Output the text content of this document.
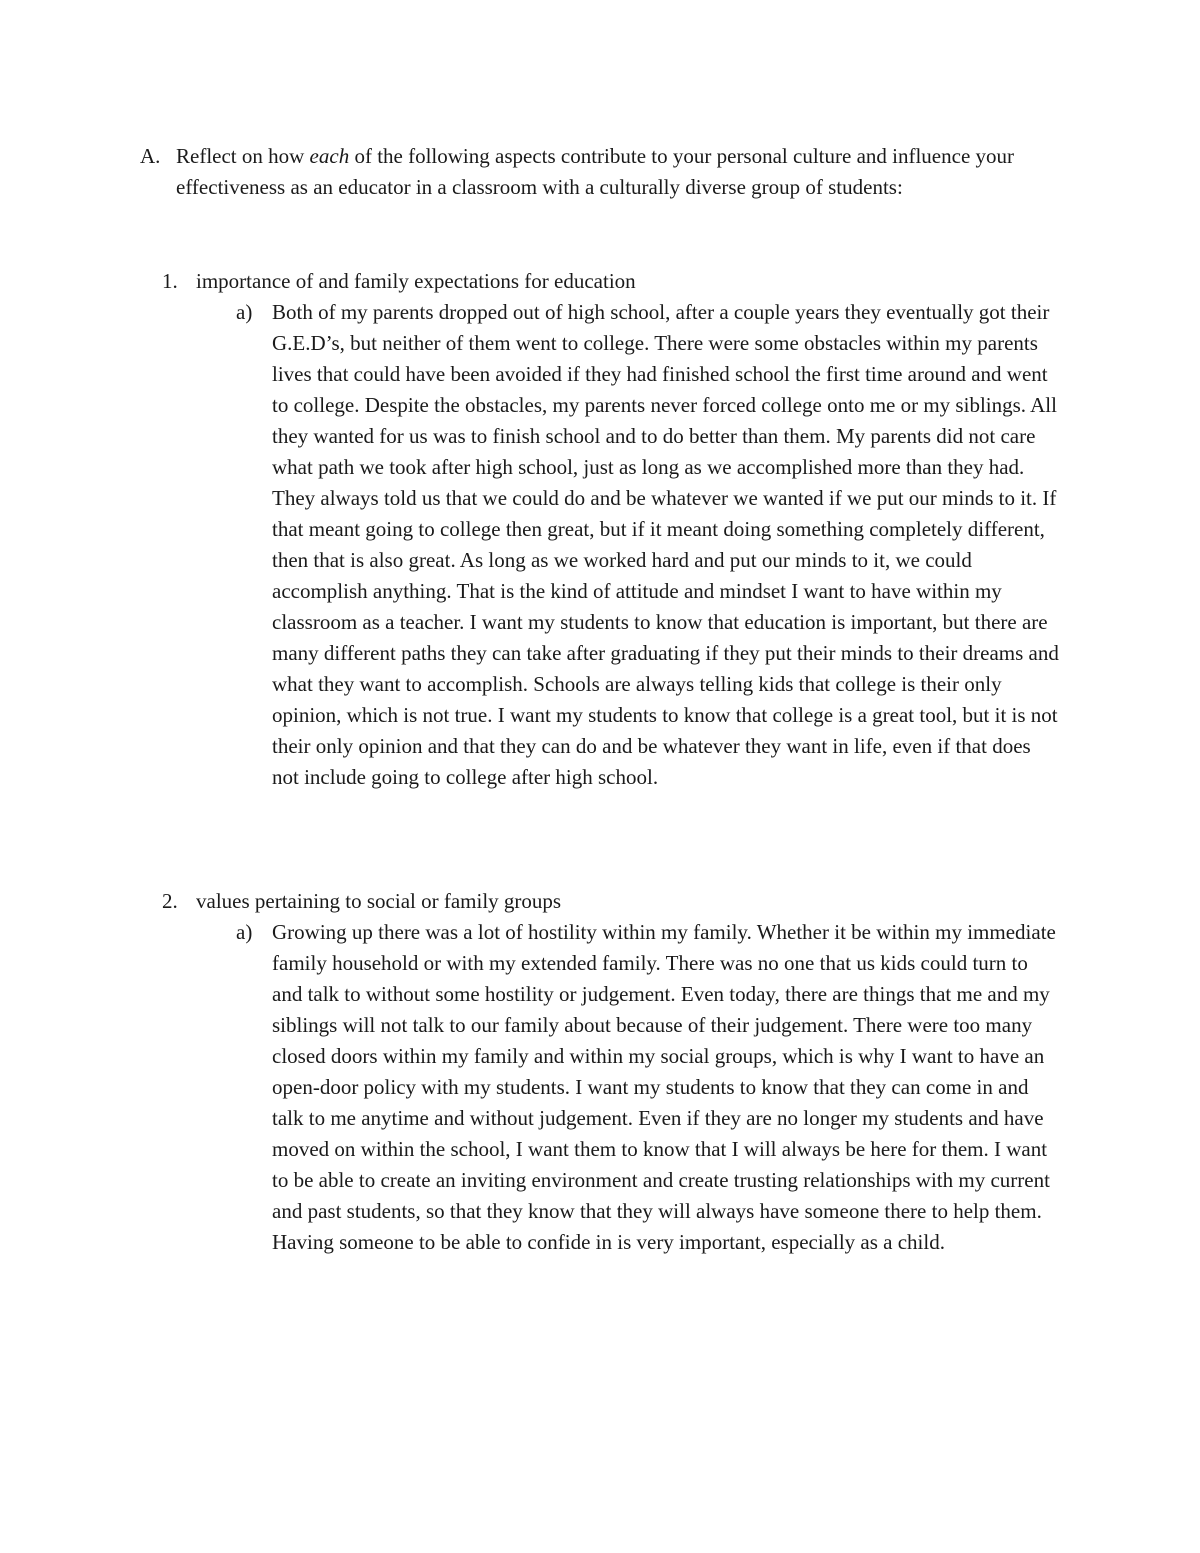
A. Reflect on how each of the following aspects contribute to your personal culture and influence your effectiveness as an educator in a classroom with a culturally diverse group of students:
1. importance of and family expectations for education
a) Both of my parents dropped out of high school, after a couple years they eventually got their G.E.D’s, but neither of them went to college. There were some obstacles within my parents lives that could have been avoided if they had finished school the first time around and went to college. Despite the obstacles, my parents never forced college onto me or my siblings. All they wanted for us was to finish school and to do better than them. My parents did not care what path we took after high school, just as long as we accomplished more than they had. They always told us that we could do and be whatever we wanted if we put our minds to it. If that meant going to college then great, but if it meant doing something completely different, then that is also great. As long as we worked hard and put our minds to it, we could accomplish anything. That is the kind of attitude and mindset I want to have within my classroom as a teacher. I want my students to know that education is important, but there are many different paths they can take after graduating if they put their minds to their dreams and what they want to accomplish. Schools are always telling kids that college is their only opinion, which is not true. I want my students to know that college is a great tool, but it is not their only opinion and that they can do and be whatever they want in life, even if that does not include going to college after high school.
2. values pertaining to social or family groups
a) Growing up there was a lot of hostility within my family. Whether it be within my immediate family household or with my extended family. There was no one that us kids could turn to and talk to without some hostility or judgement. Even today, there are things that me and my siblings will not talk to our family about because of their judgement. There were too many closed doors within my family and within my social groups, which is why I want to have an open-door policy with my students. I want my students to know that they can come in and talk to me anytime and without judgement. Even if they are no longer my students and have moved on within the school, I want them to know that I will always be here for them. I want to be able to create an inviting environment and create trusting relationships with my current and past students, so that they know that they will always have someone there to help them. Having someone to be able to confide in is very important, especially as a child.
